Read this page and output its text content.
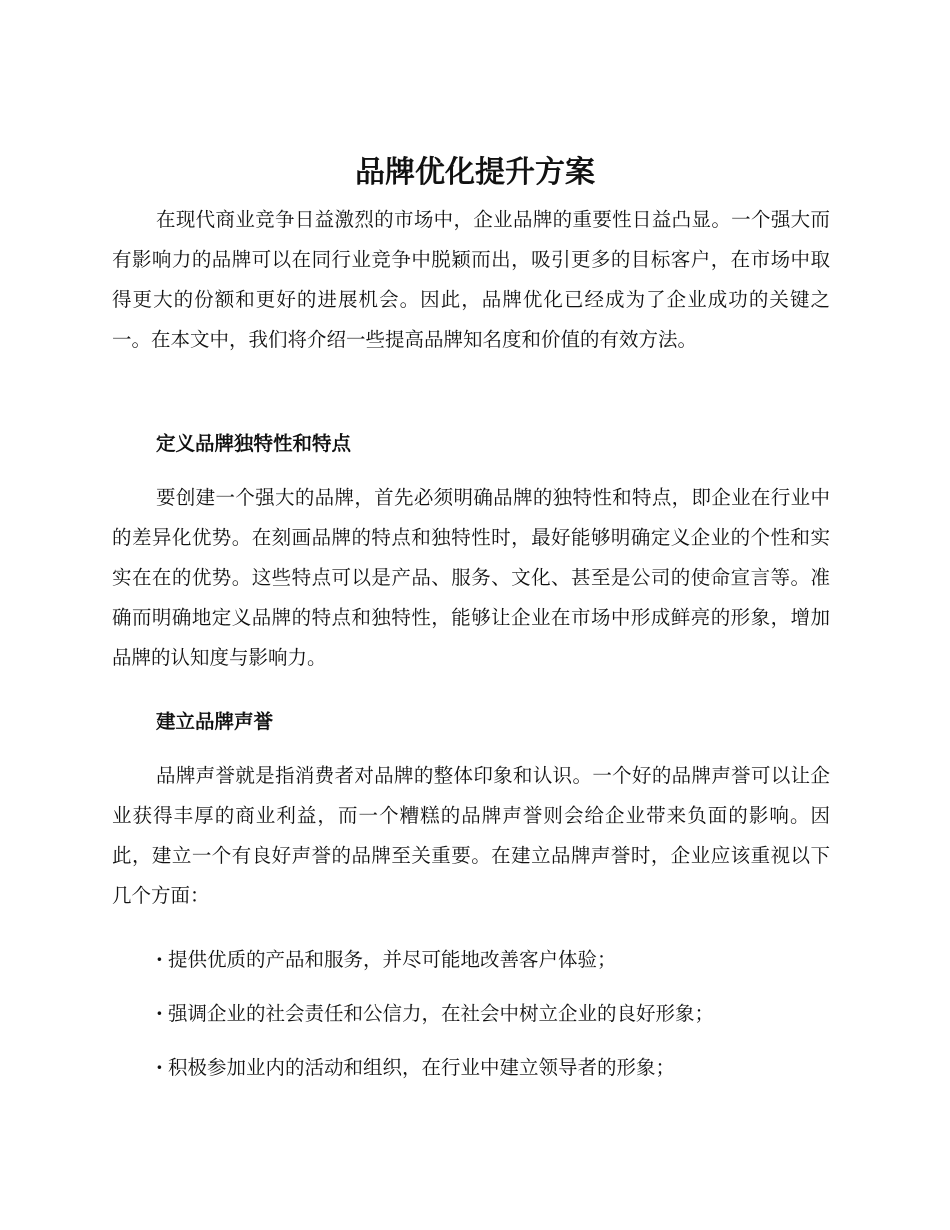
品牌优化提升方案

在现代商业竞争日益激烈的市场中，企业品牌的重要性日益凸显。一个强大而有影响力的品牌可以在同行业竞争中脱颖而出，吸引更多的目标客户，在市场中取得更大的份额和更好的进展机会。因此，品牌优化已经成为了企业成功的关键之一。在本文中，我们将介绍一些提高品牌知名度和价值的有效方法。

定义品牌独特性和特点

要创建一个强大的品牌，首先必须明确品牌的独特性和特点，即企业在行业中的差异化优势。在刻画品牌的特点和独特性时，最好能够明确定义企业的个性和实实在在的优势。这些特点可以是产品、服务、文化、甚至是公司的使命宣言等。准确而明确地定义品牌的特点和独特性，能够让企业在市场中形成鲜亮的形象，增加品牌的认知度与影响力。

建立品牌声誉

品牌声誉就是指消费者对品牌的整体印象和认识。一个好的品牌声誉可以让企业获得丰厚的商业利益，而一个糟糕的品牌声誉则会给企业带来负面的影响。因此，建立一个有良好声誉的品牌至关重要。在建立品牌声誉时，企业应该重视以下几个方面：

· 提供优质的产品和服务，并尽可能地改善客户体验；
· 强调企业的社会责任和公信力，在社会中树立企业的良好形象；
· 积极参加业内的活动和组织，在行业中建立领导者的形象；
